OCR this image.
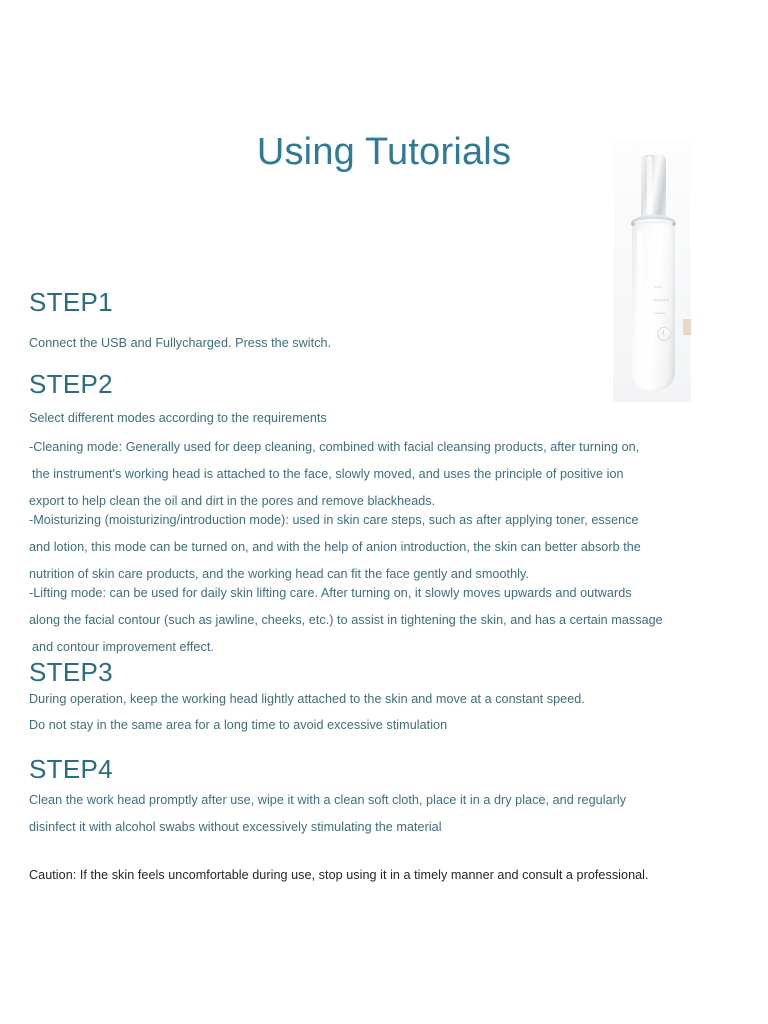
Using Tutorials
Lifting
Moisturizing
Cleaning
STEP1
Connect the USB and Fullycharged. Press the switch.
STEP2
Select different modes according to the requirements
-Cleaning mode: Generally used for deep cleaning, combined with facial cleansing products, after turning on,
the instrument's working head is attached to the face, slowly moved, and uses the principle of positive ion
export to help clean the oil and dirt in the pores and remove blackheads.
-Moisturizing (moisturizing/introduction mode): used in skin care steps, such as after applying toner, essence
and lotion, this mode can be turned on, and with the help of anion introduction, the skin can better absorb the
nutrition of skin care products, and the working head can fit the face gently and smoothly.
-Lifting mode: can be used for daily skin lifting care. After turning on, it slowly moves upwards and outwards
along the facial contour (such as jawline, cheeks, etc.) to assist in tightening the skin, and has a certain massage
and contour improvement effect.
STEP3
During operation, keep the working head lightly attached to the skin and move at a constant speed.
Do not stay in the same area for a long time to avoid excessive stimulation
STEP4
Clean the work head promptly after use, wipe it with a clean soft cloth, place it in a dry place, and regularly
disinfect it with alcohol swabs without excessively stimulating the material
Caution: If the skin feels uncomfortable during use, stop using it in a timely manner and consult a professional.
